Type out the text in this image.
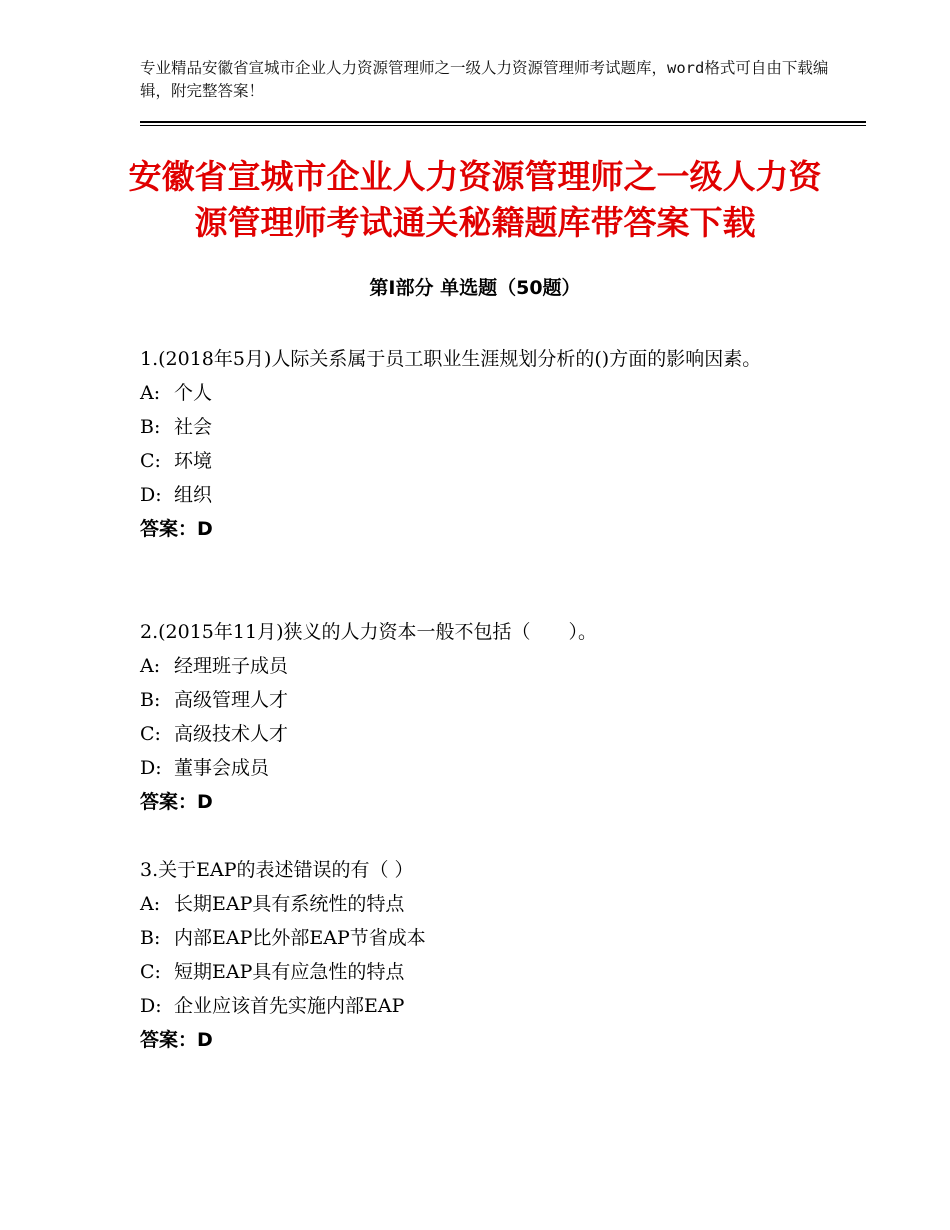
专业精品安徽省宣城市企业人力资源管理师之一级人力资源管理师考试题库，word格式可自由下载编辑，附完整答案！
安徽省宣城市企业人力资源管理师之一级人力资源管理师考试通关秘籍题库带答案下载
第Ⅰ部分 单选题（50题）

1.(2018年5月)人际关系属于员工职业生涯规划分析的()方面的影响因素。

A: 个人

B: 社会

C: 环境

D: 组织

答案：D

2.(2015年11月)狭义的人力资本一般不包括（　　）。

A: 经理班子成员

B: 高级管理人才

C: 高级技术人才

D: 董事会成员

答案：D

3.关于EAP的表述错误的有（ ）

A: 长期EAP具有系统性的特点

B: 内部EAP比外部EAP节省成本

C: 短期EAP具有应急性的特点

D: 企业应该首先实施内部EAP

答案：D
